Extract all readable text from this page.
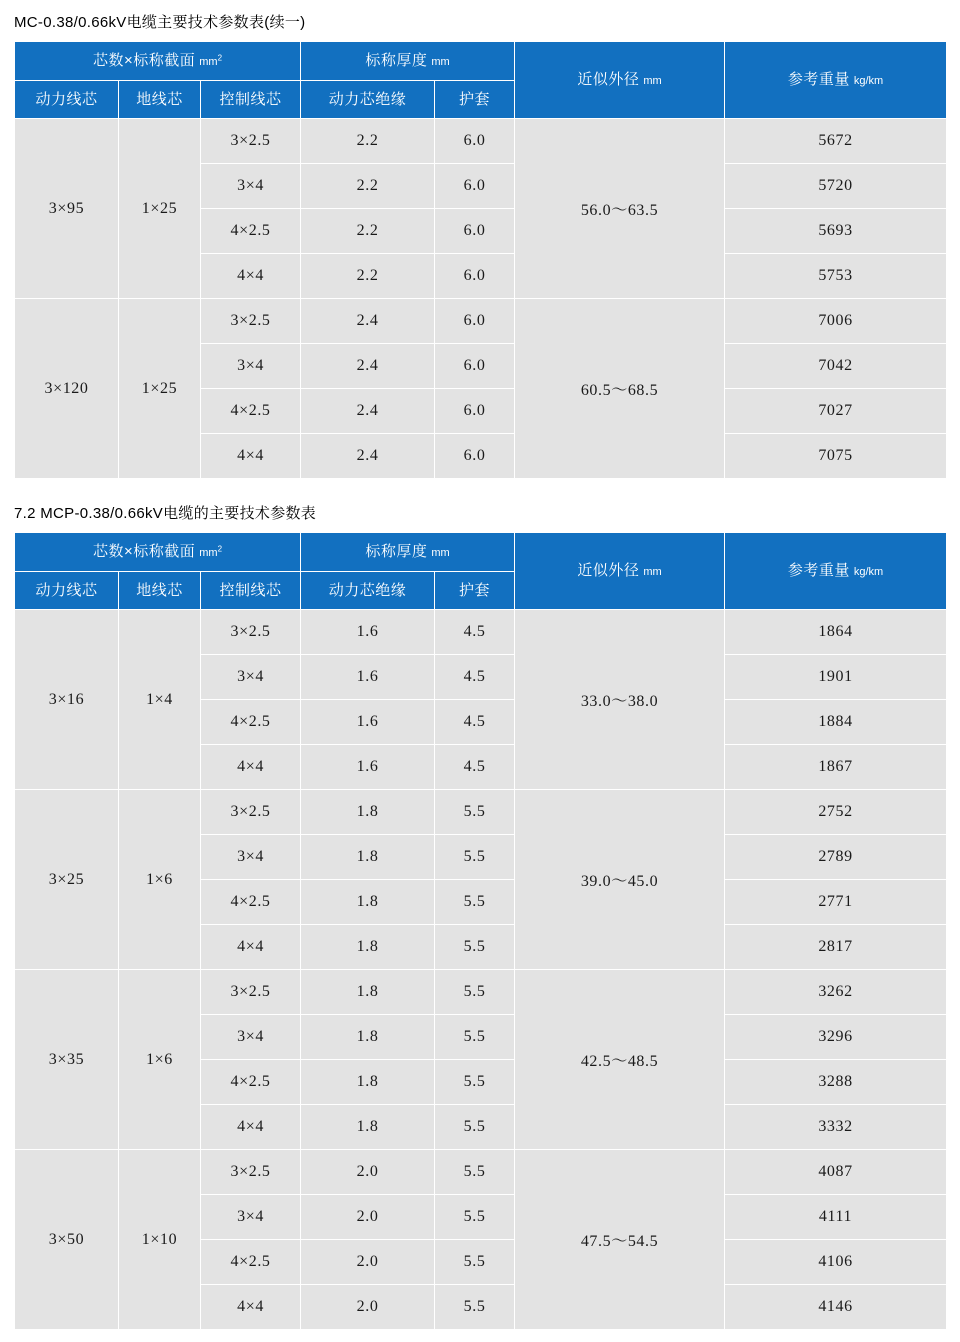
MC-0.38/0.66kV电缆主要技术参数表(续一)
芯数×标称截面 $mm^2$			标称厚度 mm		近似外径 mm	参考重量 kg/km
动力线芯	地线芯	控制线芯	动力芯绝缘	护套		
3×95	1×25	3×2.5	2.2	6.0	56.0～63.5	5672
		3×4	2.2	6.0		5720
		4×2.5	2.2	6.0		5693
		4×4	2.2	6.0		5753
3×120	1×25	3×2.5	2.4	6.0	60.5～68.5	7006
		3×4	2.4	6.0		7042
		4×2.5	2.4	6.0		7027
		4×4	2.4	6.0		7075
7.2 MCP-0.38/0.66kV电缆的主要技术参数表
芯数×标称截面 $mm^2$			标称厚度 mm		近似外径 mm	参考重量 kg/km
动力线芯	地线芯	控制线芯	动力芯绝缘	护套		
3×16	1×4	3×2.5	1.6	4.5	33.0～38.0	1864
		3×4	1.6	4.5		1901
		4×2.5	1.6	4.5		1884
		4×4	1.6	4.5		1867
3×25	1×6	3×2.5	1.8	5.5	39.0～45.0	2752
		3×4	1.8	5.5		2789
		4×2.5	1.8	5.5		2771
		4×4	1.8	5.5		2817
3×35	1×6	3×2.5	1.8	5.5	42.5～48.5	3262
		3×4	1.8	5.5		3296
		4×2.5	1.8	5.5		3288
		4×4	1.8	5.5		3332
3×50	1×10	3×2.5	2.0	5.5	47.5～54.5	4087
		3×4	2.0	5.5		4111
		4×2.5	2.0	5.5		4106
		4×4	2.0	5.5		4146
